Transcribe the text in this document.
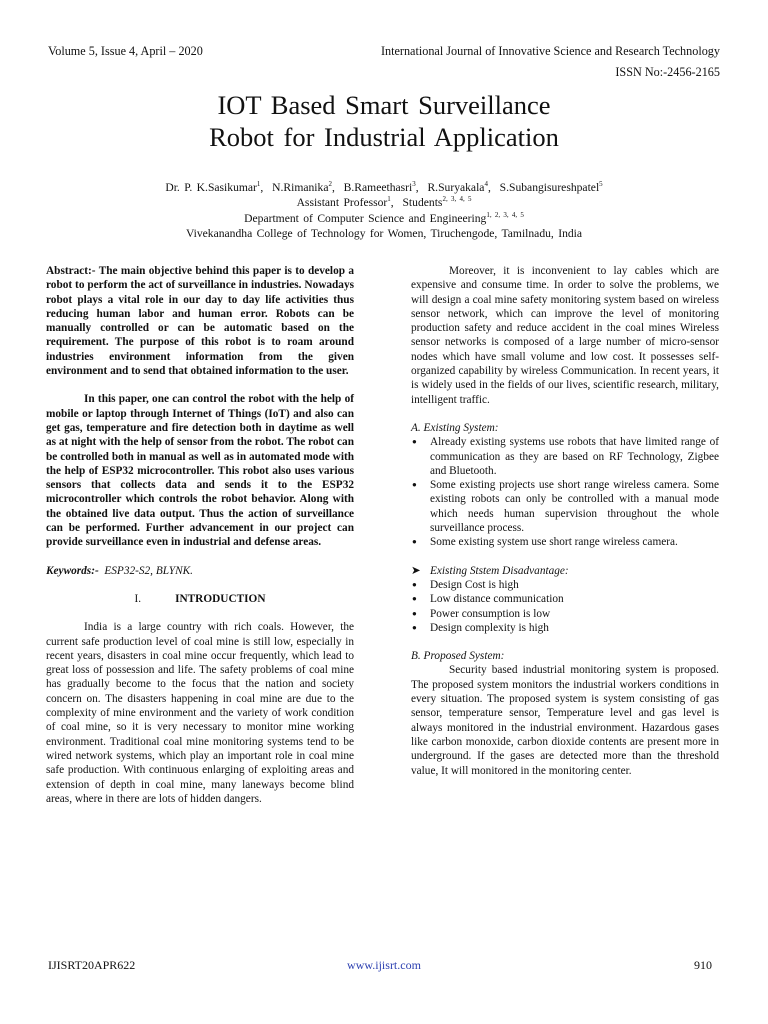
Volume 5, Issue 4, April – 2020	International Journal of Innovative Science and Research Technology
ISSN No:-2456-2165
IOT Based Smart Surveillance
Robot for Industrial Application
Dr. P. K.Sasikumar$^1$,  N.Rimanika$^2$,  B.Rameethasri$^3$,  R.Suryakala$^4$,  S.Subangisureshpatel$^5$
Assistant Professor$^1$,  Students$^{2, 3, 4, 5}$
Department of Computer Science and Engineering$^{1, 2, 3, 4, 5}$
Vivekanandha College of Technology for Women, Tiruchengode, Tamilnadu, India

Abstract:- The main objective behind this paper is to develop a robot to perform the act of surveillance in industries. Nowadays robot plays a vital role in our day to day life activities thus reducing human labor and human error. Robots can be manually controlled or can be automatic based on the requirement. The purpose of this robot is to roam around industries environment information from the given environment and to send that obtained information to the user.

In this paper, one can control the robot with the help of mobile or laptop through Internet of Things (IoT) and also can get gas, temperature and fire detection both in daytime as well as at night with the help of sensor from the robot. The robot can be controlled both in manual as well as in automated mode with the help of ESP32 microcontroller. This robot also uses various sensors that collects data and sends it to the ESP32 microcontroller which controls the robot behavior. Along with the obtained live data output. Thus the action of surveillance can be performed. Further advancement in our project can provide surveillance even in industrial and defense areas.

Keywords:- ESP32-S2, BLYNK.

I.	INTRODUCTION

India is a large country with rich coals. However, the current safe production level of coal mine is still low, especially in recent years, disasters in coal mine occur frequently, which lead to great loss of possession and life. The safety problems of coal mine has gradually become to the focus that the nation and society concern on. The disasters happening in coal mine are due to the complexity of mine environment and the variety of work condition of coal mine, so it is very necessary to monitor mine working environment. Traditional coal mine monitoring systems tend to be wired network systems, which play an important role in coal mine safe production. With continuous enlarging of exploiting areas and extension of depth in coal mine, many laneways become blind areas, where in there are lots of hidden dangers.

Moreover, it is inconvenient to lay cables which are expensive and consume time. In order to solve the problems, we will design a coal mine safety monitoring system based on wireless sensor network, which can improve the level of monitoring production safety and reduce accident in the coal mines Wireless sensor networks is composed of a large number of micro-sensor nodes which have small volume and low cost. It possesses self-organized capability by wireless Communication. In recent years, it is widely used in the fields of our lives, scientific research, military, intelligent traffic.

A. Existing System:

● Already existing systems use robots that have limited range of communication as they are based on RF Technology, Zigbee and Bluetooth.
● Some existing projects use short range wireless camera. Some existing robots can only be controlled with a manual mode which needs human supervision throughout the whole surveillance process.
● Some existing system use short range wireless camera.

➤ Existing Ststem Disadvantage:

● Design Cost is high
● Low distance communication
● Power consumption is low
● Design complexity is high

B. Proposed System:

Security based industrial monitoring system is proposed. The proposed system monitors the industrial workers conditions in every situation. The proposed system is system consisting of gas sensor, temperature sensor, Temperature level and gas level is always monitored in the industrial environment. Hazardous gases like carbon monoxide, carbon dioxide contents are present more in underground. If the gases are detected more than the threshold value, It will monitored in the monitoring center.

IJISRT20APR622	www.ijisrt.com	910
